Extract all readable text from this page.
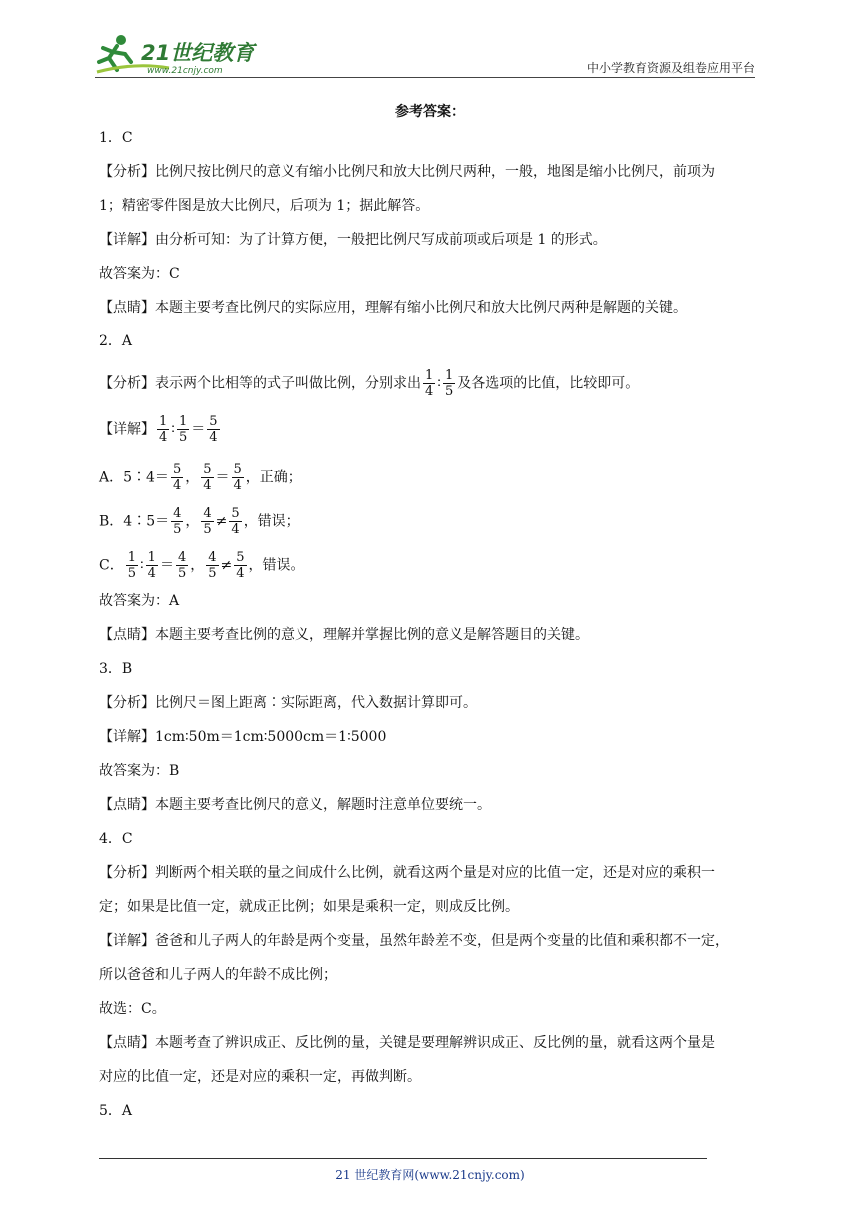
21世纪教育
www.21cnjy.com	中小学教育资源及组卷应用平台
参考答案：
1．C
【分析】比例尺按比例尺的意义有缩小比例尺和放大比例尺两种，一般，地图是缩小比例尺，前项为
1；精密零件图是放大比例尺，后项为 1；据此解答。
【详解】由分析可知：为了计算方便，一般把比例尺写成前项或后项是 1 的形式。
故答案为：C
【点睛】本题主要考查比例尺的实际应用，理解有缩小比例尺和放大比例尺两种是解题的关键。
2．A
【分析】表示两个比相等的式子叫做比例，分别求出 $\frac{1}{4}$ ∶ $\frac{1}{5}$ 及各选项的比值，比较即可。
【详解】 $\frac{1}{4}$ ∶ $\frac{1}{5} = \frac{5}{4}$
A．5∶4＝ $\frac{5}{4}$ ， $\frac{5}{4} = \frac{5}{4}$ ，正确；
B．4∶5＝ $\frac{4}{5}$ ， $\frac{4}{5} \ne \frac{5}{4}$ ，错误；
C． $\frac{1}{5}$ ∶ $\frac{1}{4} = \frac{4}{5}$ ， $\frac{4}{5} \ne \frac{5}{4}$ ，错误。
故答案为：A
【点睛】本题主要考查比例的意义，理解并掌握比例的意义是解答题目的关键。
3．B
【分析】比例尺＝图上距离∶实际距离，代入数据计算即可。
【详解】1cm∶50m＝1cm∶5000cm＝1∶5000
故答案为：B
【点睛】本题主要考查比例尺的意义，解题时注意单位要统一。
4．C
【分析】判断两个相关联的量之间成什么比例，就看这两个量是对应的比值一定，还是对应的乘积一
定；如果是比值一定，就成正比例；如果是乘积一定，则成反比例。
【详解】爸爸和儿子两人的年龄是两个变量，虽然年龄差不变，但是两个变量的比值和乘积都不一定，
所以爸爸和儿子两人的年龄不成比例；
故选：C。
【点睛】本题考查了辨识成正、反比例的量，关键是要理解辨识成正、反比例的量，就看这两个量是
对应的比值一定，还是对应的乘积一定，再做判断。
5．A
21 世纪教育网(www.21cnjy.com)
